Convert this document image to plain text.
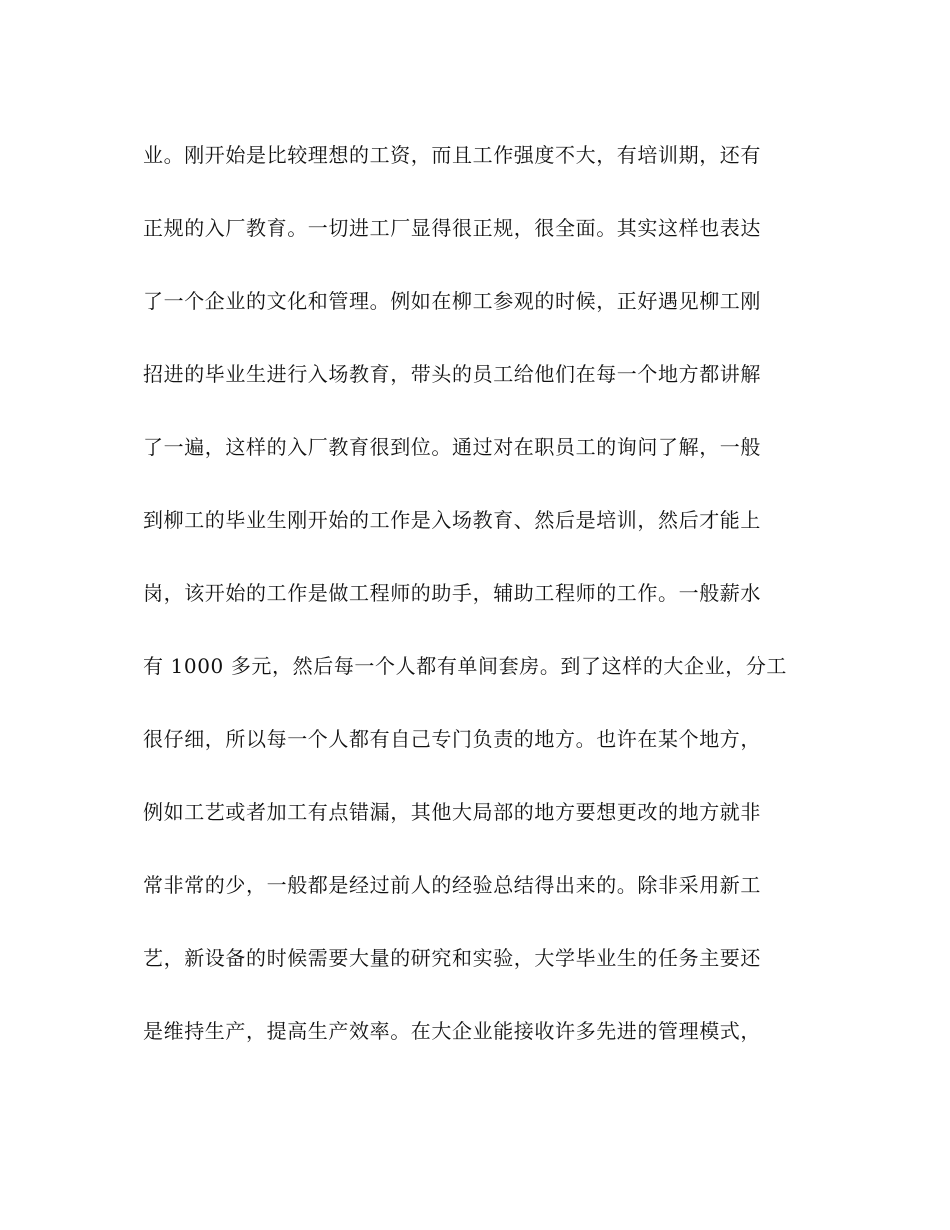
业。刚开始是比较理想的工资，而且工作强度不大，有培训期，还有
正规的入厂教育。一切进工厂显得很正规，很全面。其实这样也表达
了一个企业的文化和管理。例如在柳工参观的时候，正好遇见柳工刚
招进的毕业生进行入场教育，带头的员工给他们在每一个地方都讲解
了一遍，这样的入厂教育很到位。通过对在职员工的询问了解，一般
到柳工的毕业生刚开始的工作是入场教育、然后是培训，然后才能上
岗，该开始的工作是做工程师的助手，辅助工程师的工作。一般薪水
有 1000 多元，然后每一个人都有单间套房。到了这样的大企业，分工
很仔细，所以每一个人都有自己专门负责的地方。也许在某个地方，
例如工艺或者加工有点错漏，其他大局部的地方要想更改的地方就非
常非常的少，一般都是经过前人的经验总结得出来的。除非采用新工
艺，新设备的时候需要大量的研究和实验，大学毕业生的任务主要还
是维持生产，提高生产效率。在大企业能接收许多先进的管理模式，
